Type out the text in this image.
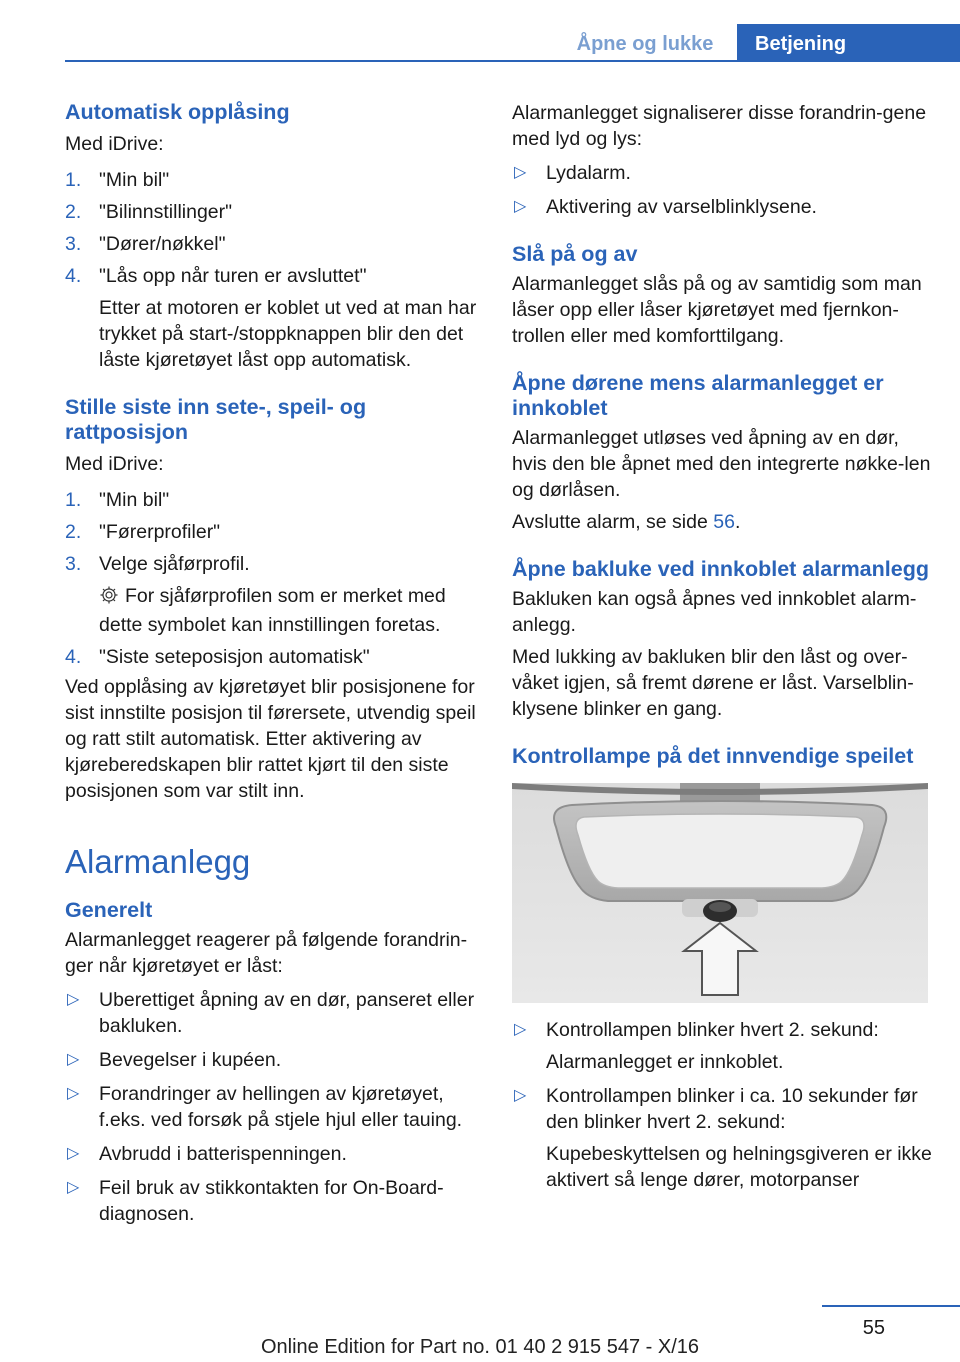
Åpne og lukke	Betjening
Automatisk opplåsing

Med iDrive:

1. "Min bil"
2. "Bilinnstillinger"
3. "Dører/nøkkel"
4. "Lås opp når turen er avsluttet"

Etter at motoren er koblet ut ved at man har trykket på start-/stoppknappen blir den det låste kjøretøyet låst opp automatisk.

Stille siste inn sete-, speil- og rattposisjon

Med iDrive:

1. "Min bil"
2. "Førerprofiler"
3. Velge sjåførprofil.

For sjåførprofilen som er merket med dette symbolet kan innstillingen foretas.

4. "Siste seteposisjon automatisk"

Ved opplåsing av kjøretøyet blir posisjonene for sist innstilte posisjon til førersete, utvendig speil og ratt stilt automatisk. Etter aktivering av kjøreberedskapen blir rattet kjørt til den siste posisjonen som var stilt inn.

Alarmanlegg
Generelt

Alarmanlegget reagerer på følgende forandrin-ger når kjøretøyet er låst:

▷ Uberettiget åpning av en dør, panseret eller bakluken.
▷ Bevegelser i kupéen.
▷ Forandringer av hellingen av kjøretøyet, f.eks. ved forsøk på stjele hjul eller tauing.
▷ Avbrudd i batterispenningen.
▷ Feil bruk av stikkontakten for On-Board-diagnosen.

Alarmanlegget signaliserer disse forandrin-gene med lyd og lys:

▷ Lydalarm.
▷ Aktivering av varselblinklysene.
Slå på og av

Alarmanlegget slås på og av samtidig som man låser opp eller låser kjøretøyet med fjernkon-trollen eller med komforttilgang.

Åpne dørene mens alarmanlegget er innkoblet

Alarmanlegget utløses ved åpning av en dør, hvis den ble åpnet med den integrerte nøkke-len og dørlåsen.

Avslutte alarm, se side 56.

Åpne bakluke ved innkoblet alarmanlegg

Bakluken kan også åpnes ved innkoblet alarm-anlegg.

Med lukking av bakluken blir den låst og over-våket igjen, så fremt dørene er låst. Varselblin-klysene blinker en gang.

Kontrollampe på det innvendige speilet
▷ Kontrollampen blinker hvert 2. sekund:

Alarmanlegget er innkoblet.

▷ Kontrollampen blinker i ca. 10 sekunder før den blinker hvert 2. sekund:

Kupebeskyttelsen og helningsgiveren er ikke aktivert så lenge dører, motorpanser

55
Online Edition for Part no. 01 40 2 915 547 - X/16
